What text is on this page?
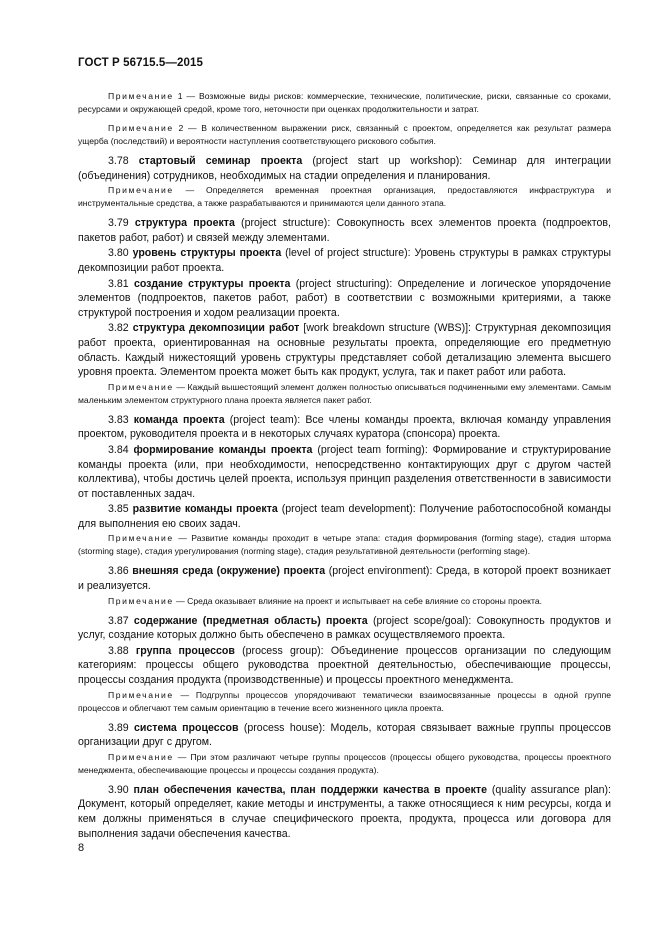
ГОСТ Р 56715.5—2015

Примечание 1 — Возможные виды рисков: коммерческие, технические, политические, риски, связанные со сроками, ресурсами и окружающей средой, кроме того, неточности при оценках продолжительности и затрат.

Примечание 2 — В количественном выражении риск, связанный с проектом, определяется как результат размера ущерба (последствий) и вероятности наступления соответствующего рискового события.

3.78 стартовый семинар проекта (project start up workshop): Семинар для интеграции (объединения) сотрудников, необходимых на стадии определения и планирования.

Примечание — Определяется временная проектная организация, предоставляются инфраструктура и инструментальные средства, а также разрабатываются и принимаются цели данного этапа.

3.79 структура проекта (project structure): Совокупность всех элементов проекта (подпроектов, пакетов работ, работ) и связей между элементами.

3.80 уровень структуры проекта (level of project structure): Уровень структуры в рамках структуры декомпозиции работ проекта.

3.81 создание структуры проекта (project structuring): Определение и логическое упорядочение элементов (подпроектов, пакетов работ, работ) в соответствии с возможными критериями, а также структурой построения и ходом реализации проекта.

3.82 структура декомпозиции работ [work breakdown structure (WBS)]: Структурная декомпозиция работ проекта, ориентированная на основные результаты проекта, определяющие его предметную область. Каждый нижестоящий уровень структуры представляет собой детализацию элемента высшего уровня проекта. Элементом проекта может быть как продукт, услуга, так и пакет работ или работа.

Примечание — Каждый вышестоящий элемент должен полностью описываться подчиненными ему элементами. Самым маленьким элементом структурного плана проекта является пакет работ.

3.83 команда проекта (project team): Все члены команды проекта, включая команду управления проектом, руководителя проекта и в некоторых случаях куратора (спонсора) проекта.

3.84 формирование команды проекта (project team forming): Формирование и структурирование команды проекта (или, при необходимости, непосредственно контактирующих друг с другом частей коллектива), чтобы достичь целей проекта, используя принцип разделения ответственности в зависимости от поставленных задач.

3.85 развитие команды проекта (project team development): Получение работоспособной команды для выполнения ею своих задач.

Примечание — Развитие команды проходит в четыре этапа: стадия формирования (forming stage), стадия шторма (storming stage), стадия урегулирования (norming stage), стадия результативной деятельности (performing stage).

3.86 внешняя среда (окружение) проекта (project environment): Среда, в которой проект возникает и реализуется.

Примечание — Среда оказывает влияние на проект и испытывает на себе влияние со стороны проекта.

3.87 содержание (предметная область) проекта (project scope/goal): Совокупность продуктов и услуг, создание которых должно быть обеспечено в рамках осуществляемого проекта.

3.88 группа процессов (process group): Объединение процессов организации по следующим категориям: процессы общего руководства проектной деятельностью, обеспечивающие процессы, процессы создания продукта (производственные) и процессы проектного менеджмента.

Примечание — Подгруппы процессов упорядочивают тематически взаимосвязанные процессы в одной группе процессов и облегчают тем самым ориентацию в течение всего жизненного цикла проекта.

3.89 система процессов (process house): Модель, которая связывает важные группы процессов организации друг с другом.

Примечание — При этом различают четыре группы процессов (процессы общего руководства, процессы проектного менеджмента, обеспечивающие процессы и процессы создания продукта).

3.90 план обеспечения качества, план поддержки качества в проекте (quality assurance plan): Документ, который определяет, какие методы и инструменты, а также относящиеся к ним ресурсы, когда и кем должны применяться в случае специфического проекта, продукта, процесса или договора для выполнения задачи обеспечения качества.

8
